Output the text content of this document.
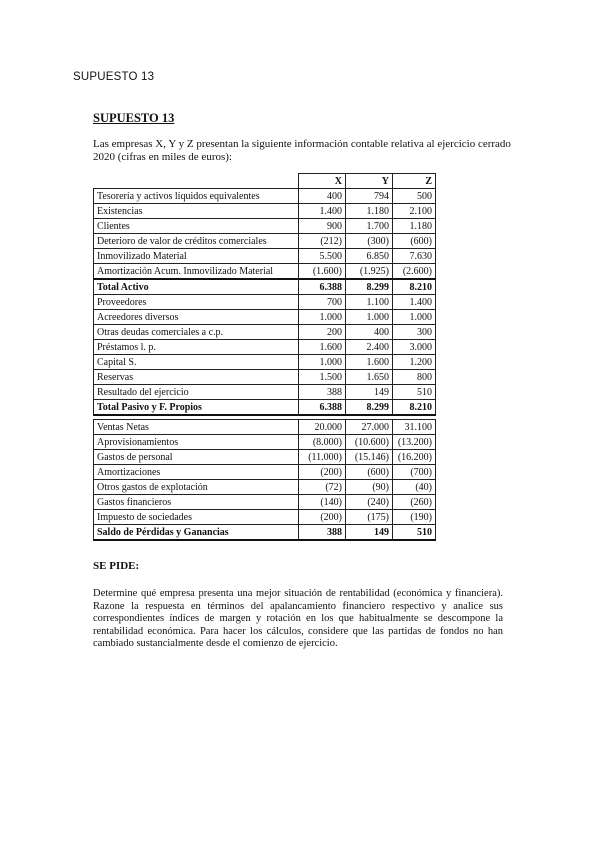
SUPUESTO 13
SUPUESTO 13
Las empresas X, Y y Z presentan la siguiente información contable relativa al ejercicio cerrado 2020 (cifras en miles de euros):
	X	Y	Z
Tesorería y activos líquidos equivalentes	400	794	500
Existencias	1.400	1.180	2.100
Clientes	900	1.700	1.180
Deterioro de valor de créditos comerciales	(212)	(300)	(600)
Inmovilizado Material	5.500	6.850	7.630
Amortización Acum. Inmovilizado Material	(1.600)	(1.925)	(2.600)
Total Activo	6.388	8.299	8.210
Proveedores	700	1.100	1.400
Acreedores diversos	1.000	1.000	1.000
Otras deudas comerciales a c.p.	200	400	300
Préstamos l. p.	1.600	2.400	3.000
Capital S.	1.000	1.600	1.200
Reservas	1.500	1.650	800
Resultado del ejercicio	388	149	510
Total Pasivo y F. Propios	6.388	8.299	8.210
Ventas Netas	20.000	27.000	31.100
Aprovisionamientos	(8.000)	(10.600)	(13.200)
Gastos de personal	(11.000)	(15.146)	(16.200)
Amortizaciones	(200)	(600)	(700)
Otros gastos de explotación	(72)	(90)	(40)
Gastos financieros	(140)	(240)	(260)
Impuesto de sociedades	(200)	(175)	(190)
Saldo de Pérdidas y Ganancias	388	149	510
SE PIDE:
Determine qué empresa presenta una mejor situación de rentabilidad (económica y financiera). Razone la respuesta en términos del apalancamiento financiero respectivo y analice sus correspondientes índices de margen y rotación en los que habitualmente se descompone la rentabilidad económica. Para hacer los cálculos, considere que las partidas de fondos no han cambiado sustancialmente desde el comienzo de ejercicio.
